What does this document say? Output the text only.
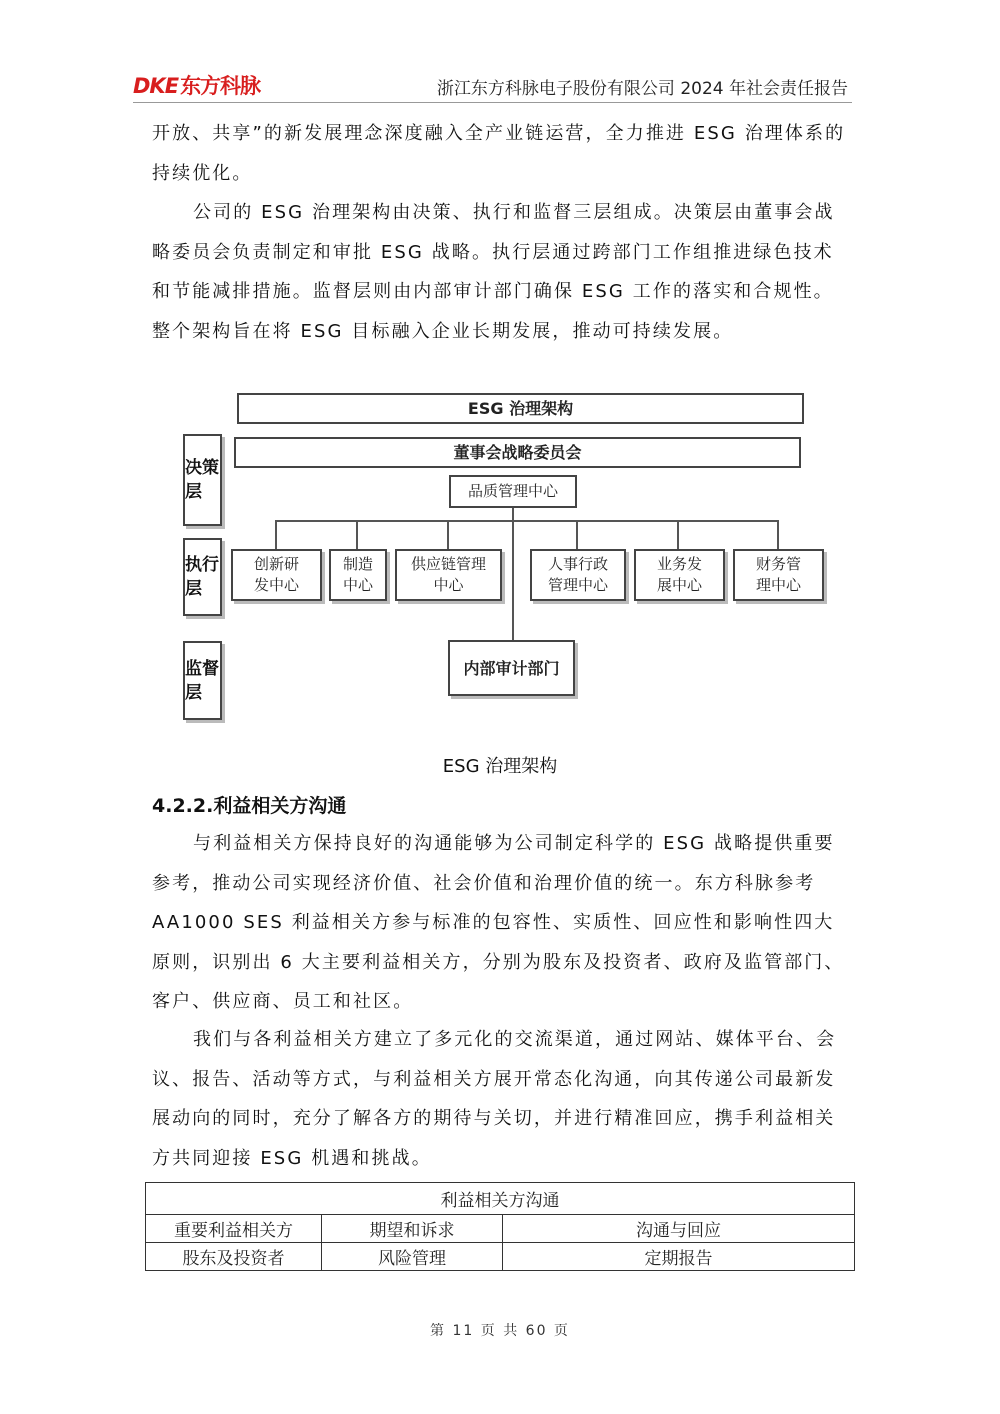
DKE东方科脉	浙江东方科脉电子股份有限公司 2024 年社会责任报告

开放、共享”的新发展理念深度融入全产业链运营，全力推进 ESG 治理体系的持续优化。

公司的 ESG 治理架构由决策、执行和监督三层组成。决策层由董事会战略委员会负责制定和审批 ESG 战略。执行层通过跨部门工作组推进绿色技术和节能减排措施。监督层则由内部审计部门确保 ESG 工作的落实和合规性。整个架构旨在将 ESG 目标融入企业长期发展，推动可持续发展。

ESG 治理架构
董事会战略委员会
品质管理中心
决策层
执行层
监督层
创新研发中心
制造中心
供应链管理中心
人事行政管理中心
业务发展中心
财务管理中心
内部审计部门
ESG 治理架构
4.2.2.利益相关方沟通

与利益相关方保持良好的沟通能够为公司制定科学的 ESG 战略提供重要参考，推动公司实现经济价值、社会价值和治理价值的统一。东方科脉参考 AA1000 SES 利益相关方参与标准的包容性、实质性、回应性和影响性四大原则，识别出 6 大主要利益相关方，分别为股东及投资者、政府及监管部门、客户、供应商、员工和社区。

我们与各利益相关方建立了多元化的交流渠道，通过网站、媒体平台、会议、报告、活动等方式，与利益相关方展开常态化沟通，向其传递公司最新发展动向的同时，充分了解各方的期待与关切，并进行精准回应，携手利益相关方共同迎接 ESG 机遇和挑战。

利益相关方沟通		
重要利益相关方	期望和诉求	沟通与回应
股东及投资者	风险管理	定期报告
第 11 页 共 60 页
